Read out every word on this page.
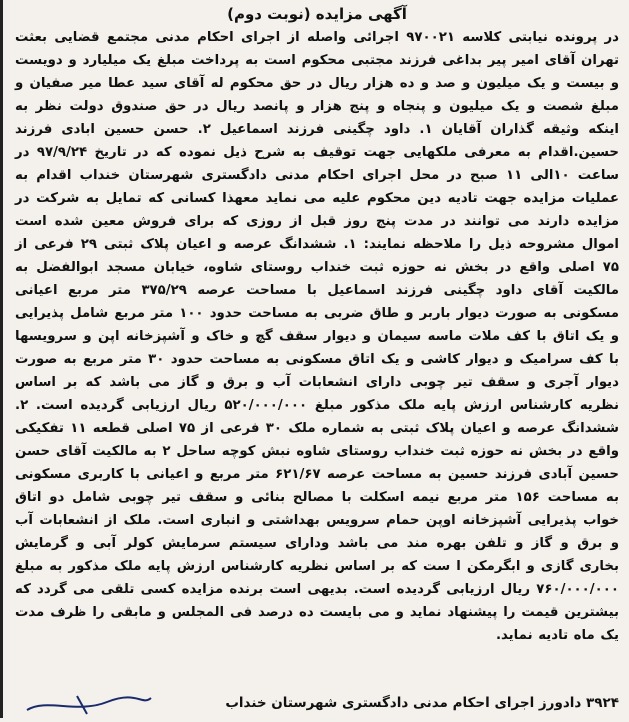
آگهی مزایده (نوبت دوم)

در پرونده نیابتی کلاسه ۹۷۰۰۲۱ اجرائی واصله از اجرای احکام مدنی مجتمع قضایی بعثت تهران آقای امیر پیر بداغی فرزند مجتبی محکوم است به پرداخت مبلغ یک میلیارد و دویست و بیست و یک میلیون و صد و ده هزار ریال در حق محکوم له آقای سید عطا میر صفیان و مبلغ شصت و یک میلیون و پنجاه و پنج هزار و پانصد ریال در حق صندوق دولت نظر به اینکه وثیقه گذاران آقایان ۱. داود چگینی فرزند اسماعیل ۲. حسن حسین ابادی فرزند حسین.اقدام به معرفی ملکهایی جهت توقیف به شرح ذیل نموده که در تاریخ ۹۷/۹/۲۴ در ساعت ۱۰الی ۱۱ صبح در محل اجرای احکام مدنی دادگستری شهرستان خنداب اقدام به عملیات مزایده جهت تادیه دین محکوم علیه می نماید معهذا کسانی که تمایل به شرکت در مزایده دارند می توانند در مدت پنج روز قبل از روزی که برای فروش معین شده است اموال مشروحه ذیل را ملاحظه نمایند: ۱. ششدانگ عرصه و اعیان پلاک ثبتی ۲۹ فرعی از ۷۵ اصلی واقع در بخش نه حوزه ثبت خنداب روستای شاوه، خیابان مسجد ابوالفضل به مالکیت آقای داود چگینی فرزند اسماعیل با مساحت عرصه ۳۷۵/۲۹ متر مربع اعیانی مسکونی به صورت دیوار باربر و طاق ضربی به مساحت حدود ۱۰۰ متر مربع شامل پذیرایی و یک اتاق با کف ملات ماسه سیمان و دیوار سقف گچ و خاک و آشپزخانه اپن و سرویسها با کف سرامیک و دیوار کاشی و یک اتاق مسکونی به مساحت حدود ۳۰ متر مربع به صورت دیوار آجری و سقف تیر چوبی دارای انشعابات آب و برق و گاز می باشد که بر اساس نظریه کارشناس ارزش پایه ملک مذکور مبلغ ۵۲۰/۰۰۰/۰۰۰ ریال ارزیابی گردیده است. ۲. ششدانگ عرصه و اعیان پلاک ثبتی به شماره ملک ۳۰ فرعی از ۷۵ اصلی قطعه ۱۱ تفکیکی واقع در بخش نه حوزه ثبت خنداب روستای شاوه نبش کوچه ساحل ۲ به مالکیت آقای حسن حسین آبادی فرزند حسین به مساحت عرصه ۶۲۱/۶۷ متر مربع و اعیانی با کاربری مسکونی به مساحت ۱۵۶ متر مربع نیمه اسکلت با مصالح بنائی و سقف تیر چوبی شامل دو اتاق خواب پذیرایی آشپزخانه اوپن حمام سرویس بهداشتی و انباری است. ملک از انشعابات آب و برق و گاز و تلفن بهره مند می باشد ودارای سیستم سرمایش کولر آبی و گرمایش بخاری گازی و ابگرمکن ا ست که بر اساس نظریه کارشناس ارزش پایه ملک مذکور به مبلغ ۷۶۰/۰۰۰/۰۰۰ ریال ارزیابی گردیده است. بدیهی است برنده مزایده کسی تلقی می گردد که بیشترین قیمت را پیشنهاد نماید و می بایست ده درصد فی المجلس و مابقی را ظرف مدت یک ماه تادیه نماید.

۳۹۲۴ دادورز اجرای احکام مدنی دادگستری شهرستان خنداب
